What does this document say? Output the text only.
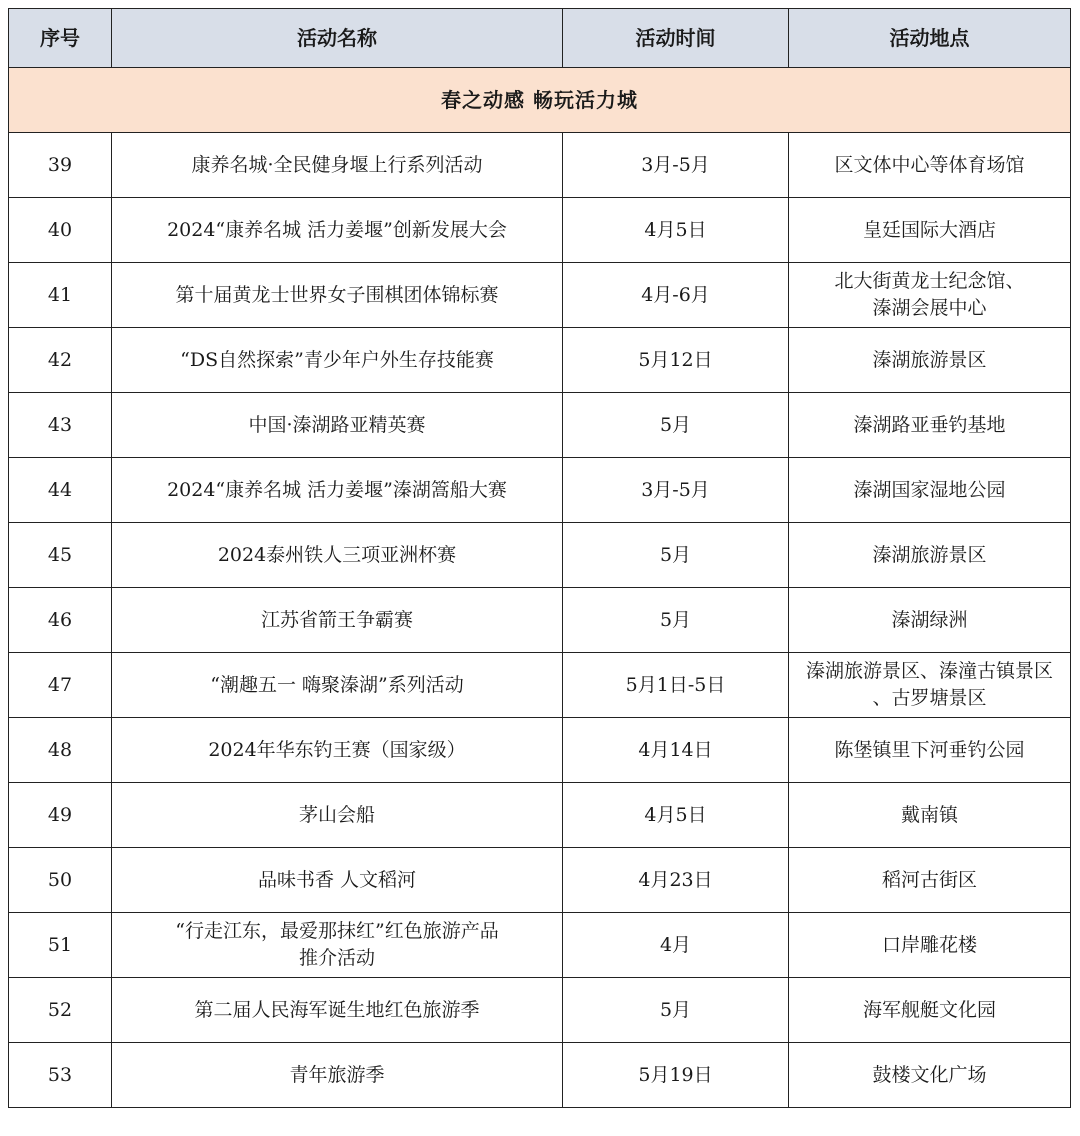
序号	活动名称	活动时间	活动地点
春之动感 畅玩活力城			
39	康养名城·全民健身堰上行系列活动	3月-5月	区文体中心等体育场馆

40	2024“康养名城 活力姜堰”创新发展大会	4月5日	皇廷国际大酒店

41	第十届黄龙士世界女子围棋团体锦标赛	4月-6月	北大街黄龙士纪念馆、
溱湖会展中心

42	“DS自然探索”青少年户外生存技能赛	5月12日	溱湖旅游景区

43	中国·溱湖路亚精英赛	5月	溱湖路亚垂钓基地

44	2024“康养名城 活力姜堰”溱湖篙船大赛	3月-5月	溱湖国家湿地公园

45	2024泰州铁人三项亚洲杯赛	5月	溱湖旅游景区

46	江苏省箭王争霸赛	5月	溱湖绿洲

47	“潮趣五一 嗨聚溱湖”系列活动	5月1日-5日	溱湖旅游景区、溱潼古镇景区
、古罗塘景区

48	2024年华东钓王赛（国家级）	4月14日	陈堡镇里下河垂钓公园

49	茅山会船	4月5日	戴南镇

50	品味书香 人文稻河	4月23日	稻河古街区

51	“行走江东，最爱那抹红”红色旅游产品
推介活动	4月	口岸雕花楼

52	第二届人民海军诞生地红色旅游季	5月	海军舰艇文化园

53	青年旅游季	5月19日	鼓楼文化广场
